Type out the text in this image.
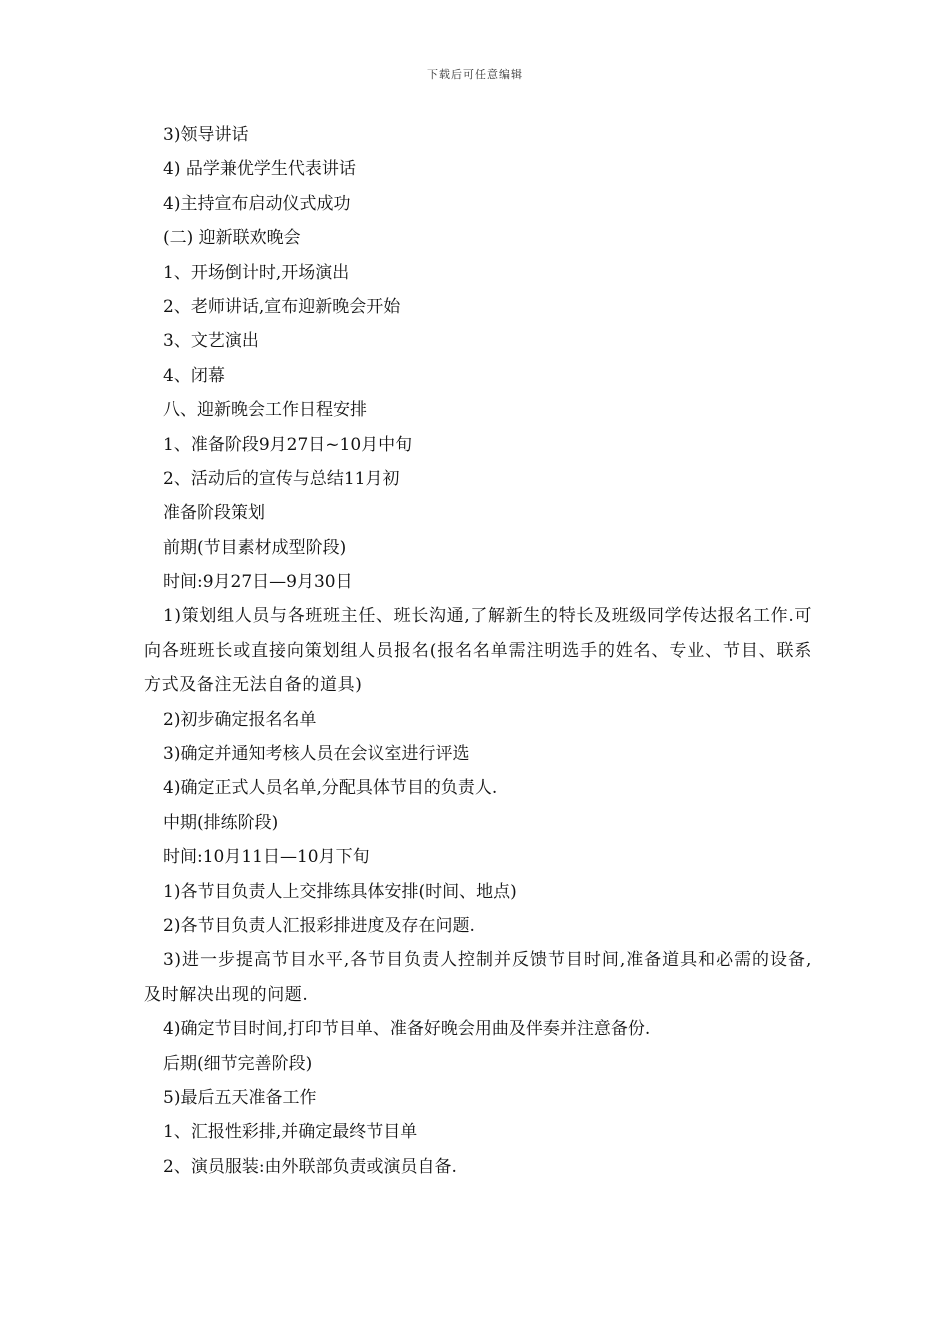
下载后可任意编辑
3)领导讲话
4) 品学兼优学生代表讲话
4)主持宣布启动仪式成功
(二) 迎新联欢晚会
1、开场倒计时,开场演出
2、老师讲话,宣布迎新晚会开始
3、文艺演出
4、闭幕
八、迎新晚会工作日程安排
1、准备阶段9月27日~10月中旬
2、活动后的宣传与总结11月初
准备阶段策划
前期(节目素材成型阶段)
时间:9月27日—9月30日
1)策划组人员与各班班主任、班长沟通,了解新生的特长及班级同学传达报名工作.可向各班班长或直接向策划组人员报名(报名名单需注明选手的姓名、专业、节目、联系方式及备注无法自备的道具)
2)初步确定报名名单
3)确定并通知考核人员在会议室进行评选
4)确定正式人员名单,分配具体节目的负责人.
中期(排练阶段)
时间:10月11日—10月下旬
1)各节目负责人上交排练具体安排(时间、地点)
2)各节目负责人汇报彩排进度及存在问题.
3)进一步提高节目水平,各节目负责人控制并反馈节目时间,准备道具和必需的设备,及时解决出现的问题.
4)确定节目时间,打印节目单、准备好晚会用曲及伴奏并注意备份.
后期(细节完善阶段)
5)最后五天准备工作
1、汇报性彩排,并确定最终节目单
2、演员服装:由外联部负责或演员自备.
